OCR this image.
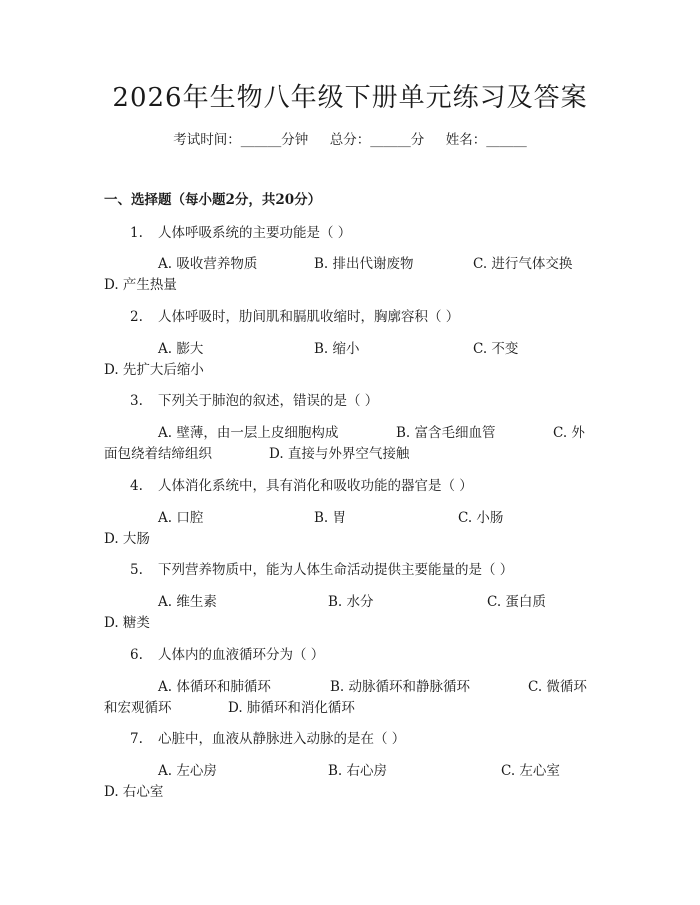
2026年生物八年级下册单元练习及答案
考试时间：______分钟     总分：______分     姓名：______
一、选择题（每小题2分，共20分）
1. 人体呼吸系统的主要功能是（ ）
A. 吸收营养物质	B. 排出代谢废物	C. 进行气体交换
D. 产生热量
2. 人体呼吸时，肋间肌和膈肌收缩时，胸廓容积（ ）
A. 膨大	B. 缩小	C. 不变
D. 先扩大后缩小
3. 下列关于肺泡的叙述，错误的是（ ）
A. 壁薄，由一层上皮细胞构成	B. 富含毛细血管	C. 外
面包绕着结缔组织	D. 直接与外界空气接触
4. 人体消化系统中，具有消化和吸收功能的器官是（ ）
A. 口腔	B. 胃	C. 小肠
D. 大肠
5. 下列营养物质中，能为人体生命活动提供主要能量的是（ ）
A. 维生素	B. 水分	C. 蛋白质
D. 糖类
6. 人体内的血液循环分为（ ）
A. 体循环和肺循环	B. 动脉循环和静脉循环	C. 微循环
和宏观循环	D. 肺循环和消化循环
7. 心脏中，血液从静脉进入动脉的是在（ ）
A. 左心房	B. 右心房	C. 左心室
D. 右心室
